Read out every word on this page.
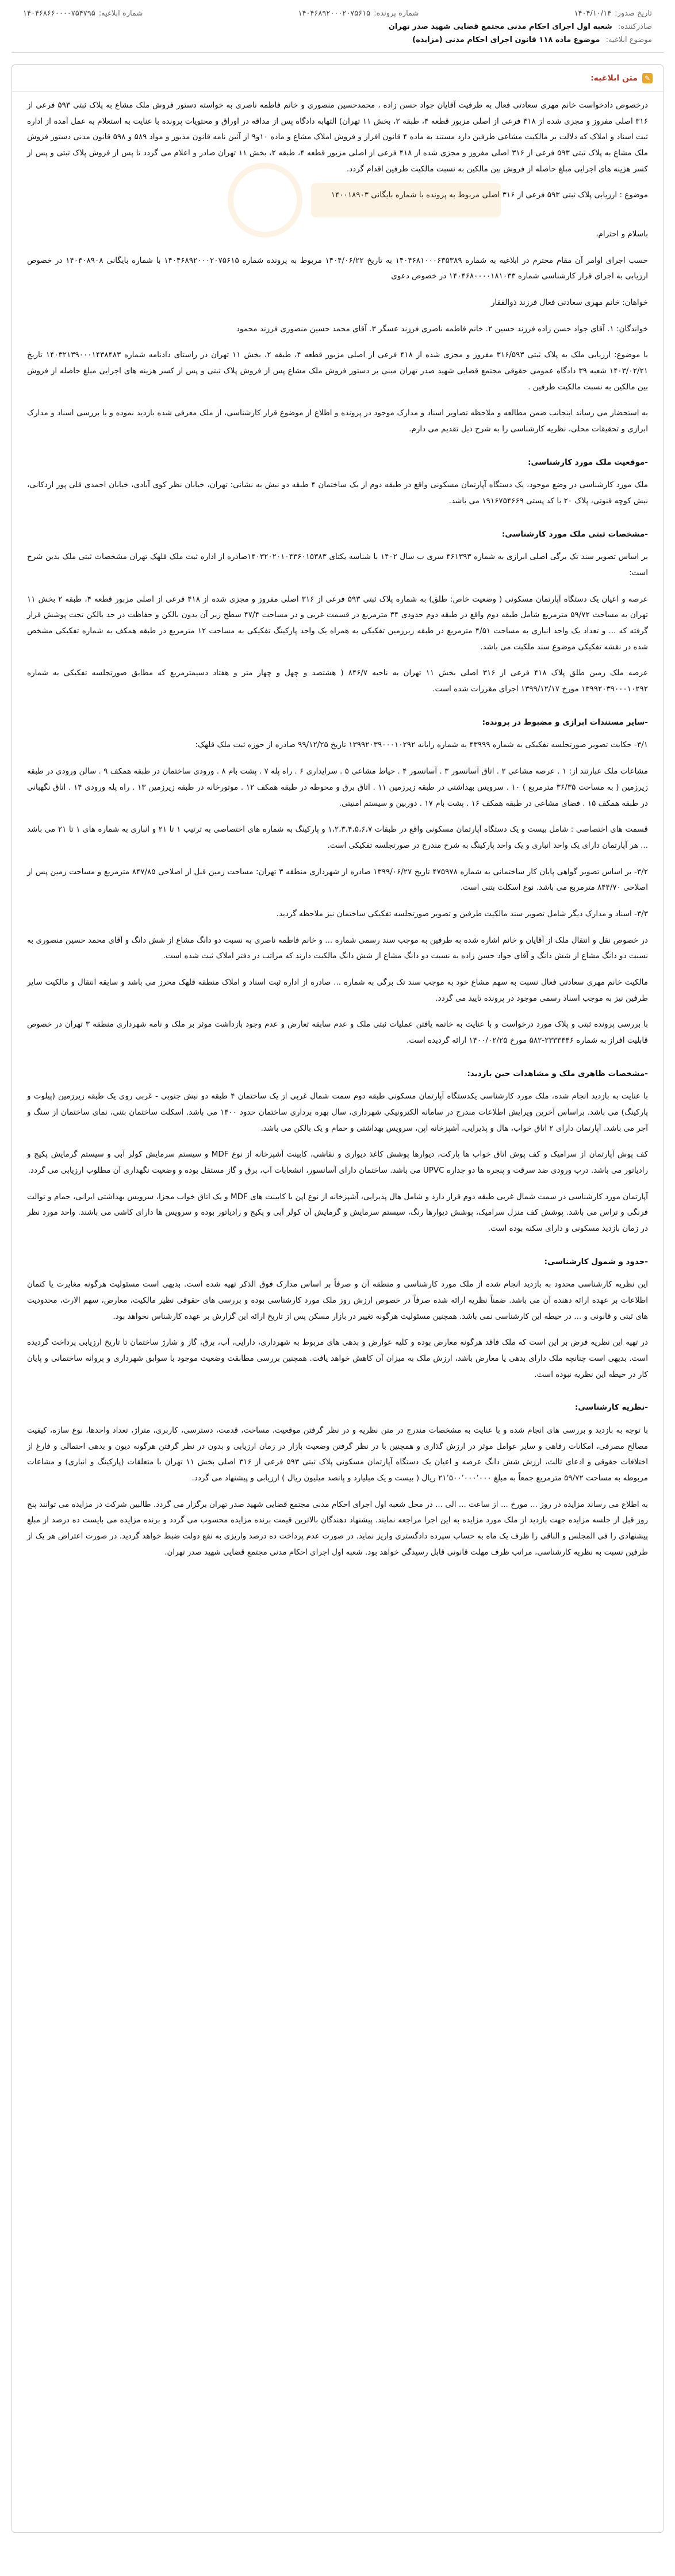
شماره ابلاغیه:
۱۴۰۴۶۸۶۶۰۰۰۰۷۵۴۷۹۵	شماره پرونده:
۱۴۰۴۶۸۹۲۰۰۰۲۰۷۵۶۱۵	تاریخ صدور:
۱۴۰۴/۱۰/۱۴
صادرکننده: شعبه اول اجرای احکام مدنی مجتمع قضایی شهید صدر تهران
موضوع ابلاغیه: موضوع ماده ۱۱۸ قانون اجرای احکام مدنی (مزایده)
✎
متن ابلاغیه:

درخصوص دادخواست خانم مهری سعادتی فعال به طرفیت آقایان جواد حسن زاده ، محمدحسین منصوری و خانم فاطمه ناصری به خواسته دستور فروش ملک مشاع به پلاک ثبتی ۵۹۳ فرعی از ۳۱۶ اصلی مفروز و مجزی شده از ۴۱۸ فرعی از اصلی مزبور قطعه ۴، طبقه ۲، بخش ۱۱ تهران) التهابه دادگاه پس از مداقه در اوراق و محتویات پرونده با عنایت به استعلام به عمل آمده از اداره ثبت اسناد و املاک که دلالت بر مالکیت مشاعی طرفین دارد مستند به ماده ۴ قانون افراز و فروش املاک مشاع و ماده ۱۰و۹ از آئین نامه قانون مذبور و مواد ۵۸۹ و ۵۹۸ قانون مدنی دستور فروش ملک مشاع به پلاک ثبتی ۵۹۳ فرعی از ۳۱۶ اصلی مفروز و مجزی شده از ۴۱۸ فرعی از اصلی مزبور قطعه ۴، طبقه ۲، بخش ۱۱ تهران صادر و اعلام می گردد تا پس از فروش پلاک ثبتی و پس از کسر هزینه های اجرایی مبلغ حاصله از فروش بین مالکین به نسبت مالکیت طرفین اقدام گردد.

موضوع : ارزیابی پلاک ثبتی ۵۹۳ فرعی از ۳۱۶ اصلی مربوط به پرونده با شماره بایگانی ۱۴۰۰۱۸۹۰۳

باسلام و احترام،

حسب اجرای اوامر آن مقام محترم در ابلاغیه به شماره ۱۴۰۴۶۸۱۰۰۰۶۳۵۳۸۹ به تاریخ ۱۴۰۴/۰۶/۲۲ مربوط به پرونده شماره ۱۴۰۴۶۸۹۲۰۰۰۲۰۷۵۶۱۵ با شماره بایگانی ۱۴۰۴۰۸۹۰۸ در خصوص ارزیابی به اجرای قرار کارشناسی شماره ۱۴۰۴۶۸۰۰۰۰۱۸۱۰۳۳ در خصوص دعوی

خواهان: خانم مهری سعادتی فعال فرزند ذوالفقار

خواندگان: ۱. آقای جواد حسن زاده فرزند حسین ۲. خانم فاطمه ناصری فرزند عسگر ۳. آقای محمد حسین منصوری فرزند محمود

با موضوع: ارزیابی ملک به پلاک ثبتی ۳۱۶/۵۹۳ مفروز و مجزی شده از ۴۱۸ فرعی از اصلی مزبور قطعه ۴، طبقه ۲، بخش ۱۱ تهران در راستای دادنامه شماره ۱۴۰۳۲۱۳۹۰۰۰۱۴۳۸۴۸۳ تاریخ ۱۴۰۳/۰۲/۲۱ شعبه ۳۹ دادگاه عمومی حقوقی مجتمع قضایی شهید صدر تهران مبنی بر دستور فروش ملک مشاع پس از فروش پلاک ثبتی و پس از کسر هزینه های اجرایی مبلغ حاصله از فروش بین مالکین به نسبت مالکیت طرفین .

به استحضار می رساند اینجانب ضمن مطالعه و ملاحظه تصاویر اسناد و مدارک موجود در پرونده و اطلاع از موضوع قرار کارشناسی، از ملک معرفی شده بازدید نموده و با بررسی اسناد و مدارک ابرازی و تحقیقات محلی، نظریه کارشناسی را به شرح ذیل تقدیم می دارم.

-موقعیت ملک مورد کارشناسی:

ملک مورد کارشناسی در وضع موجود، یک دستگاه آپارتمان مسکونی واقع در طبقه دوم از یک ساختمان ۴ طبقه دو نبش به نشانی: تهران، خیابان نظر کوی آبادی، خیابان احمدی قلی پور اردکانی، نبش کوچه قنوتی، پلاک ۲۰ با کد پستی ۱۹۱۶۷۵۴۶۶۹ می باشد.

-مشخصات ثبتی ملک مورد کارشناسی:

بر اساس تصویر سند تک برگی اصلی ابرازی به شماره ۴۶۱۳۹۳ سری ب سال ۱۴۰۲ با شناسه یکتای ۱۴۰۳۲۰۲۰۱۰۴۳۶۰۱۵۳۸۳صادره از اداره ثبت ملک قلهک تهران مشخصات ثبتی ملک بدین شرح است:

عرصه و اعیان یک دستگاه آپارتمان مسکونی ( وضعیت خاص: طلق) به شماره پلاک ثبتی ۵۹۳ فرعی از ۳۱۶ اصلی مفروز و مجزی شده از ۴۱۸ فرعی از اصلی مزبور قطعه ۴، طبقه ۲ بخش ۱۱ تهران به مساحت ۵۹/۷۲ مترمربع شامل طبقه دوم واقع در طبقه دوم حدودی ۳۴ مترمربع در قسمت غربی و در مساحت ۴۷/۴ سطح زیر آن بدون بالکن و حفاظت در حد بالکن تحت پوشش قرار گرفته که ... و تعداد یک واحد انباری به مساحت ۴/۵۱ مترمربع در طبقه زیرزمین تفکیکی به همراه یک واحد پارکینگ تفکیکی به مساحت ۱۲ مترمربع در طبقه همکف به شماره تفکیکی مشخص شده در نقشه تفکیکی موضوع سند ملکیت می باشد.

عرصه ملک زمین طلق پلاک ۴۱۸ فرعی از ۳۱۶ اصلی بخش ۱۱ تهران به ناحیه ۸۴۶/۷ ( هشتصد و چهل و چهار متر و هفتاد دسیمترمربع که مطابق صورتجلسه تفکیکی به شماره ۱۳۹۹۲۰۳۹۰۰۰۱۰۲۹۲ مورخ ۱۳۹۹/۱۲/۱۷ اجرای مقررات شده است.

-سایر مستندات ابرازی و مضبوط در پرونده:

۳/۱- حکایت تصویر صورتجلسه تفکیکی به شماره ۴۳۹۹۹ به شماره رایانه ۱۳۹۹۲۰۳۹۰۰۰۱۰۲۹۲ تاریخ ۹۹/۱۲/۲۵ صادره از حوزه ثبت ملک قلهک:

مشاعات ملک عبارتند از: ۱ . عرصه مشاعی ۲ . اتاق آسانسور ۳ . آسانسور ۴ . حیاط مشاعی ۵ . سرایداری ۶ . راه پله ۷ . پشت بام ۸ . ورودی ساختمان در طبقه همکف ۹ . سالن ورودی در طبقه زیرزمین ( به مساحت ۳۶/۳۵ مترمربع ) ۱۰ . سرویس بهداشتی در طبقه زیرزمین ۱۱ . اتاق برق و محوطه در طبقه همکف ۱۲ . موتورخانه در طبقه زیرزمین ۱۳ . راه پله ورودی ۱۴ . اتاق نگهبانی در طبقه همکف ۱۵ . فضای مشاعی در طبقه همکف ۱۶ . پشت بام ۱۷ . دوربین و سیستم امنیتی.

قسمت های اختصاصی : شامل بیست و یک دستگاه آپارتمان مسکونی واقع در طبقات ۱،۲،۳،۴،۵،۶،۷ و پارکینگ به شماره های اختصاصی به ترتیب ۱ تا ۲۱ و انباری به شماره های ۱ تا ۲۱ می باشد ... هر آپارتمان دارای یک واحد انباری و یک واحد پارکینگ به شرح مندرج در صورتجلسه تفکیکی است.

۳/۲- بر اساس تصویر گواهی پایان کار ساختمانی به شماره ۴۷۵۹۷۸ تاریخ ۱۳۹۹/۰۶/۲۷ صادره از شهرداری منطقه ۳ تهران: مساحت زمین قبل از اصلاحی ۸۴۷/۸۵ مترمربع و مساحت زمین پس از اصلاحی ۸۴۴/۷۰ مترمربع می باشد. نوع اسکلت بتنی است.

۳/۳- اسناد و مدارک دیگر شامل تصویر سند مالکیت طرفین و تصویر صورتجلسه تفکیکی ساختمان نیز ملاحظه گردید.

در خصوص نقل و انتقال ملک از آقایان و خانم اشاره شده به طرفین به موجب سند رسمی شماره ... و خانم فاطمه ناصری به نسبت دو دانگ مشاع از شش دانگ و آقای محمد حسین منصوری به نسبت دو دانگ مشاع از شش دانگ و آقای جواد حسن زاده به نسبت دو دانگ مشاع از شش دانگ مالکیت دارند که مراتب در دفتر املاک ثبت شده است.

مالکیت خانم مهری سعادتی فعال نسبت به سهم مشاع خود به موجب سند تک برگی به شماره ... صادره از اداره ثبت اسناد و املاک منطقه قلهک محرز می باشد و سابقه انتقال و مالکیت سایر طرفین نیز به موجب اسناد رسمی موجود در پرونده تایید می گردد.

با بررسی پرونده ثبتی و پلاک مورد درخواست و با عنایت به خاتمه یافتن عملیات ثبتی ملک و عدم سابقه تعارض و عدم وجود بازداشت موثر بر ملک و نامه شهرداری منطقه ۳ تهران در خصوص قابلیت افراز به شماره ۲۳۳۳۴۴۶-۵۸۲ مورخ ۱۴۰۰/۰۲/۲۵ ارائه گردیده است.

-مشخصات ظاهری ملک و مشاهدات حین بازدید:

با عنایت به بازدید انجام شده، ملک مورد کارشناسی یکدستگاه آپارتمان مسکونی طبقه دوم سمت شمال غربی از یک ساختمان ۴ طبقه دو نبش جنوبی - غربی روی یک طبقه زیرزمین (پیلوت و پارکینگ) می باشد. براساس آخرین ویرایش اطلاعات مندرج در سامانه الکترونیکی شهرداری، سال بهره برداری ساختمان حدود ۱۴۰۰ می باشد. اسکلت ساختمان بتنی، نمای ساختمان از سنگ و آجر می باشد. آپارتمان دارای ۲ اتاق خواب، هال و پذیرایی، آشپزخانه اپن، سرویس بهداشتی و حمام و یک بالکن می باشد.

کف پوش آپارتمان از سرامیک و کف پوش اتاق خواب ها پارکت، دیوارها پوشش کاغذ دیواری و نقاشی، کابینت آشپزخانه از نوع MDF و سیستم سرمایش کولر آبی و سیستم گرمایش پکیج و رادیاتور می باشد. درب ورودی ضد سرقت و پنجره ها دو جداره UPVC می باشد. ساختمان دارای آسانسور، انشعابات آب، برق و گاز مستقل بوده و وضعیت نگهداری آن مطلوب ارزیابی می گردد.

آپارتمان مورد کارشناسی در سمت شمال غربی طبقه دوم قرار دارد و شامل هال پذیرایی، آشپزخانه از نوع اپن با کابینت های MDF و یک اتاق خواب مجزا، سرویس بهداشتی ایرانی، حمام و توالت فرنگی و تراس می باشد. پوشش کف منزل سرامیک، پوشش دیوارها رنگ، سیستم سرمایش و گرمایش آن کولر آبی و پکیج و رادیاتور بوده و سرویس ها دارای کاشی می باشند. واحد مورد نظر در زمان بازدید مسکونی و دارای سکنه بوده است.

-حدود و شمول کارشناسی:

این نظریه کارشناسی محدود به بازدید انجام شده از ملک مورد کارشناسی و منطقه آن و صرفاً بر اساس مدارک فوق الذکر تهیه شده است. بدیهی است مسئولیت هرگونه مغایرت یا کتمان اطلاعات بر عهده ارائه دهنده آن می باشد. ضمناً نظریه ارائه شده صرفاً در خصوص ارزش روز ملک مورد کارشناسی بوده و بررسی های حقوقی نظیر مالکیت، معارض، سهم الارث، محدودیت های ثبتی و قانونی و ... در حیطه این کارشناسی نمی باشد. همچنین مسئولیت هرگونه تغییر در بازار مسکن پس از تاریخ ارائه این گزارش بر عهده کارشناس نخواهد بود.

در تهیه این نظریه فرض بر این است که ملک فاقد هرگونه معارض بوده و کلیه عوارض و بدهی های مربوط به شهرداری، دارایی، آب، برق، گاز و شارژ ساختمان تا تاریخ ارزیابی پرداخت گردیده است. بدیهی است چنانچه ملک دارای بدهی یا معارض باشد، ارزش ملک به میزان آن کاهش خواهد یافت. همچنین بررسی مطابقت وضعیت موجود با سوابق شهرداری و پروانه ساختمانی و پایان کار در حیطه این نظریه نبوده است.

-نظریه کارشناسی:

با توجه به بازدید و بررسی های انجام شده و با عنایت به مشخصات مندرج در متن نظریه و در نظر گرفتن موقعیت، مساحت، قدمت، دسترسی، کاربری، متراژ، تعداد واحدها، نوع سازه، کیفیت مصالح مصرفی، امکانات رفاهی و سایر عوامل موثر در ارزش گذاری و همچنین با در نظر گرفتن وضعیت بازار در زمان ارزیابی و بدون در نظر گرفتن هرگونه دیون و بدهی احتمالی و فارغ از اختلافات حقوقی و ادعای ثالث، ارزش شش دانگ عرصه و اعیان یک دستگاه آپارتمان مسکونی پلاک ثبتی ۵۹۳ فرعی از ۳۱۶ اصلی بخش ۱۱ تهران با متعلقات (پارکینگ و انباری) و مشاعات مربوطه به مساحت ۵۹/۷۲ مترمربع جمعاً به مبلغ ۲۱٬۵۰۰٬۰۰۰٬۰۰۰ ریال ( بیست و یک میلیارد و پانصد میلیون ریال ) ارزیابی و پیشنهاد می گردد.

به اطلاع می رساند مزایده در روز ... مورخ ... از ساعت ... الی ... در محل شعبه اول اجرای احکام مدنی مجتمع قضایی شهید صدر تهران برگزار می گردد. طالبین شرکت در مزایده می توانند پنج روز قبل از جلسه مزایده جهت بازدید از ملک مورد مزایده به این اجرا مراجعه نمایند. پیشنهاد دهندگان بالاترین قیمت برنده مزایده محسوب می گردد و برنده مزایده می بایست ده درصد از مبلغ پیشنهادی را فی المجلس و الباقی را ظرف یک ماه به حساب سپرده دادگستری واریز نماید. در صورت عدم پرداخت ده درصد واریزی به نفع دولت ضبط خواهد گردید. در صورت اعتراض هر یک از طرفین نسبت به نظریه کارشناسی، مراتب ظرف مهلت قانونی قابل رسیدگی خواهد بود. شعبه اول اجرای احکام مدنی مجتمع قضایی شهید صدر تهران.
